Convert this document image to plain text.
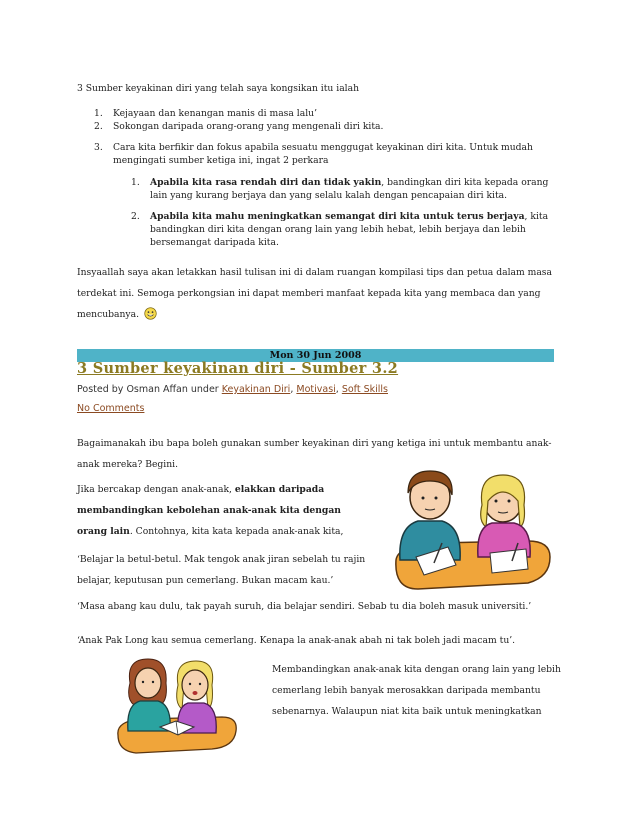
3 Sumber keyakinan diri yang telah saya kongsikan itu ialah
1. Kejayaan dan kenangan manis di masa lalu’
2. Sokongan daripada orang-orang yang mengenali diri kita.
3. Cara kita berfikir dan fokus apabila sesuatu menggugat keyakinan diri kita. Untuk mudah
mengingati sumber ketiga ini, ingat 2 perkara
1. Apabila kita rasa rendah diri dan tidak yakin, bandingkan diri kita kepada orang
lain yang kurang berjaya dan yang selalu kalah dengan pencapaian diri kita.
2. Apabila kita mahu meningkatkan semangat diri kita untuk terus berjaya, kita
bandingkan diri kita dengan orang lain yang lebih hebat, lebih berjaya dan lebih
bersemangat daripada kita.
Insyaallah saya akan letakkan hasil tulisan ini di dalam ruangan kompilasi tips dan petua dalam masa
terdekat ini. Semoga perkongsian ini dapat memberi manfaat kepada kita yang membaca dan yang
mencubanya.
Mon 30 Jun 2008
3 Sumber keyakinan diri - Sumber 3.2
Posted by Osman Affan under Keyakinan Diri, Motivasi, Soft Skills
No Comments
Bagaimanakah ibu bapa boleh gunakan sumber keyakinan diri yang ketiga ini untuk membantu anak-
anak mereka? Begini.
Jika bercakap dengan anak-anak, elakkan daripada
membandingkan kebolehan anak-anak kita dengan
orang lain. Contohnya, kita kata kepada anak-anak kita,
‘Belajar la betul-betul. Mak tengok anak jiran sebelah tu rajin
belajar, keputusan pun cemerlang. Bukan macam kau.’
‘Masa abang kau dulu, tak payah suruh, dia belajar sendiri. Sebab tu dia boleh masuk universiti.’
‘Anak Pak Long kau semua cemerlang. Kenapa la anak-anak abah ni tak boleh jadi macam tu’.
Membandingkan anak-anak kita dengan orang lain yang lebih
cemerlang lebih banyak merosakkan daripada membantu
sebenarnya. Walaupun niat kita baik untuk meningkatkan
